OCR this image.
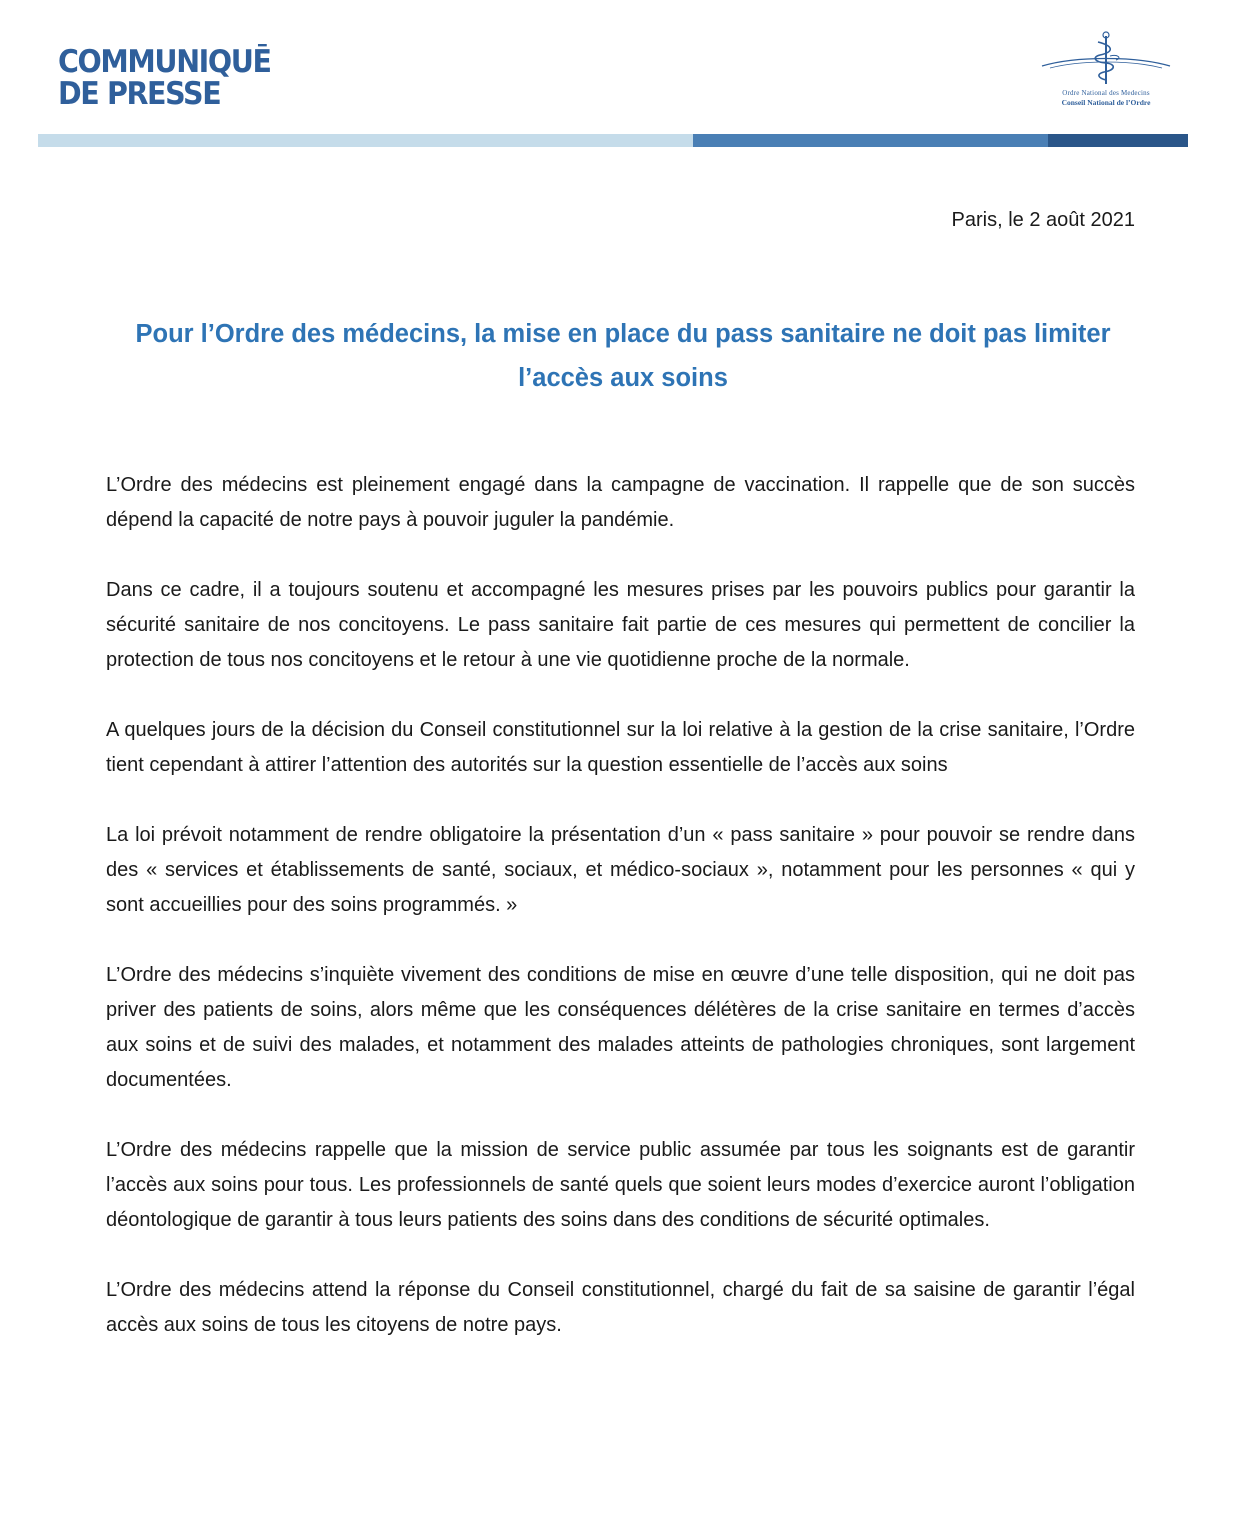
COMMUNIQUĒ
DE PRESSE	Ordre National des Medecins
Conseil National de l’Ordre
Paris, le 2 août 2021
Pour l’Ordre des médecins, la mise en place du pass sanitaire ne doit pas limiter l’accès aux soins

L’Ordre des médecins est pleinement engagé dans la campagne de vaccination. Il rappelle que de son succès dépend la capacité de notre pays à pouvoir juguler la pandémie.

Dans ce cadre, il a toujours soutenu et accompagné les mesures prises par les pouvoirs publics pour garantir la sécurité sanitaire de nos concitoyens. Le pass sanitaire fait partie de ces mesures qui permettent de concilier la protection de tous nos concitoyens et le retour à une vie quotidienne proche de la normale.

A quelques jours de la décision du Conseil constitutionnel sur la loi relative à la gestion de la crise sanitaire, l’Ordre tient cependant à attirer l’attention des autorités sur la question essentielle de l’accès aux soins

La loi prévoit notamment de rendre obligatoire la présentation d’un « pass sanitaire » pour pouvoir se rendre dans des « services et établissements de santé, sociaux, et médico-sociaux », notamment pour les personnes « qui y sont accueillies pour des soins programmés. »

L’Ordre des médecins s’inquiète vivement des conditions de mise en œuvre d’une telle disposition, qui ne doit pas priver des patients de soins, alors même que les conséquences délétères de la crise sanitaire en termes d’accès aux soins et de suivi des malades, et notamment des malades atteints de pathologies chroniques, sont largement documentées.

L’Ordre des médecins rappelle que la mission de service public assumée par tous les soignants est de garantir l’accès aux soins pour tous. Les professionnels de santé quels que soient leurs modes d’exercice auront l’obligation déontologique de garantir à tous leurs patients des soins dans des conditions de sécurité optimales.

L’Ordre des médecins attend la réponse du Conseil constitutionnel, chargé du fait de sa saisine de garantir l’égal accès aux soins de tous les citoyens de notre pays.
